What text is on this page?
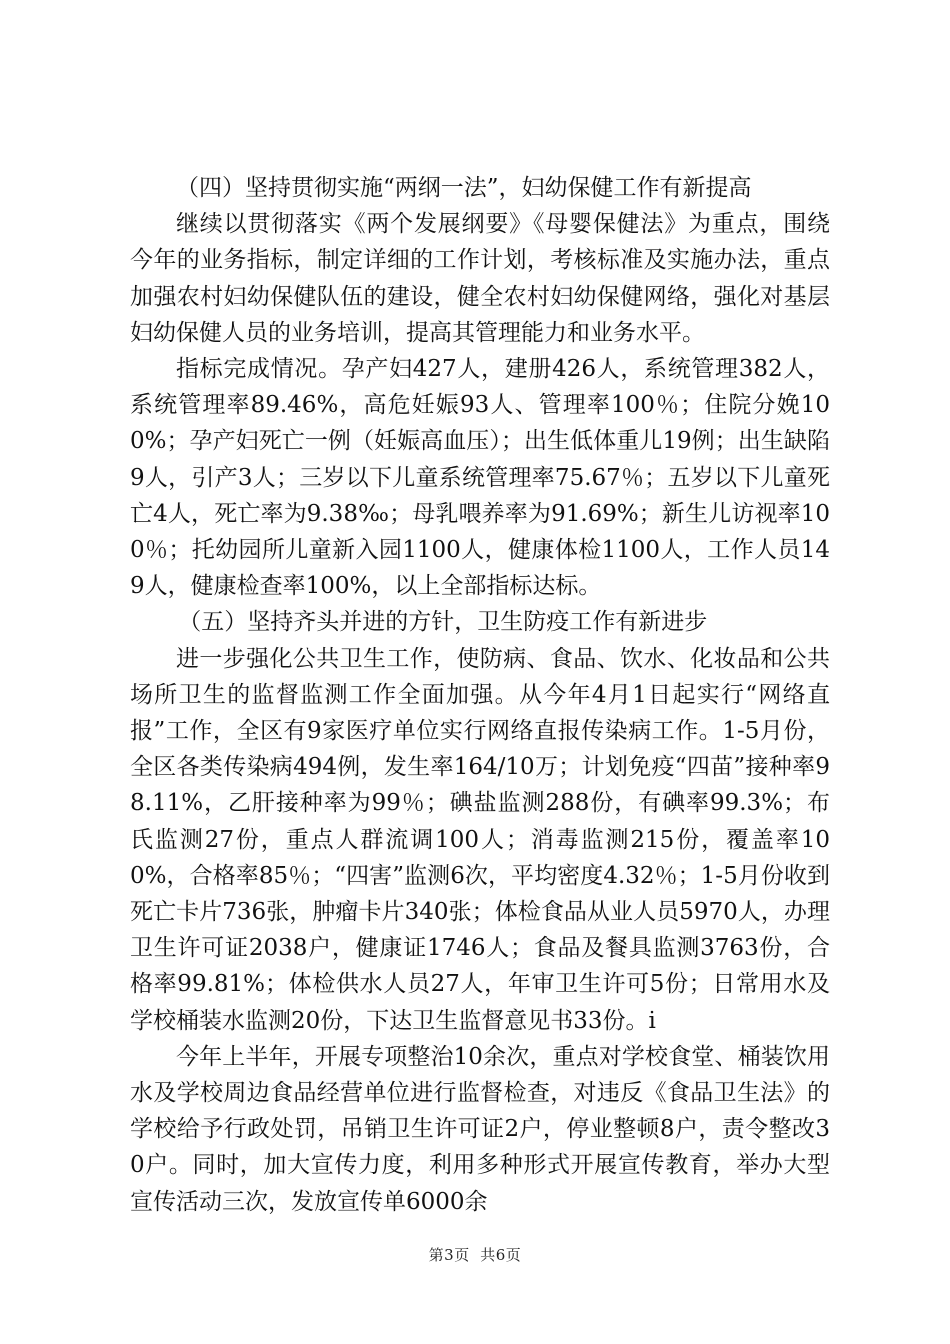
（四）坚持贯彻实施“两纲一法”，妇幼保健工作有新提高

继续以贯彻落实《两个发展纲要》《母婴保健法》为重点，围绕今年的业务指标，制定详细的工作计划，考核标准及实施办法，重点加强农村妇幼保健队伍的建设，健全农村妇幼保健网络，强化对基层妇幼保健人员的业务培训，提高其管理能力和业务水平。

指标完成情况。孕产妇427人，建册426人，系统管理382人，系统管理率89.46%，高危妊娠93人、管理率100％；住院分娩100%；孕产妇死亡一例（妊娠高血压）；出生低体重儿19例；出生缺陷9人，引产3人；三岁以下儿童系统管理率75.67％；五岁以下儿童死亡4人，死亡率为9.38‰；母乳喂养率为91.69%；新生儿访视率100％；托幼园所儿童新入园1100人，健康体检1100人，工作人员149人，健康检查率100%，以上全部指标达标。

（五）坚持齐头并进的方针，卫生防疫工作有新进步

进一步强化公共卫生工作，使防病、食品、饮水、化妆品和公共场所卫生的监督监测工作全面加强。从今年4月1日起实行“网络直报”工作，全区有9家医疗单位实行网络直报传染病工作。1-5月份，全区各类传染病494例，发生率164/10万；计划免疫“四苗”接种率98.11%，乙肝接种率为99％；碘盐监测288份，有碘率99.3%；布氏监测27份，重点人群流调100人；消毒监测215份，覆盖率100%，合格率85％；“四害”监测6次，平均密度4.32％；1-5月份收到死亡卡片736张，肿瘤卡片340张；体检食品从业人员5970人，办理卫生许可证2038户，健康证1746人；食品及餐具监测3763份，合格率99.81%；体检供水人员27人，年审卫生许可5份；日常用水及学校桶装水监测20份，下达卫生监督意见书33份。i

今年上半年，开展专项整治10余次，重点对学校食堂、桶装饮用水及学校周边食品经营单位进行监督检查，对违反《食品卫生法》的学校给予行政处罚，吊销卫生许可证2户，停业整顿8户，责令整改30户。同时，加大宣传力度，利用多种形式开展宣传教育，举办大型宣传活动三次，发放宣传单6000余

第3页 共6页
